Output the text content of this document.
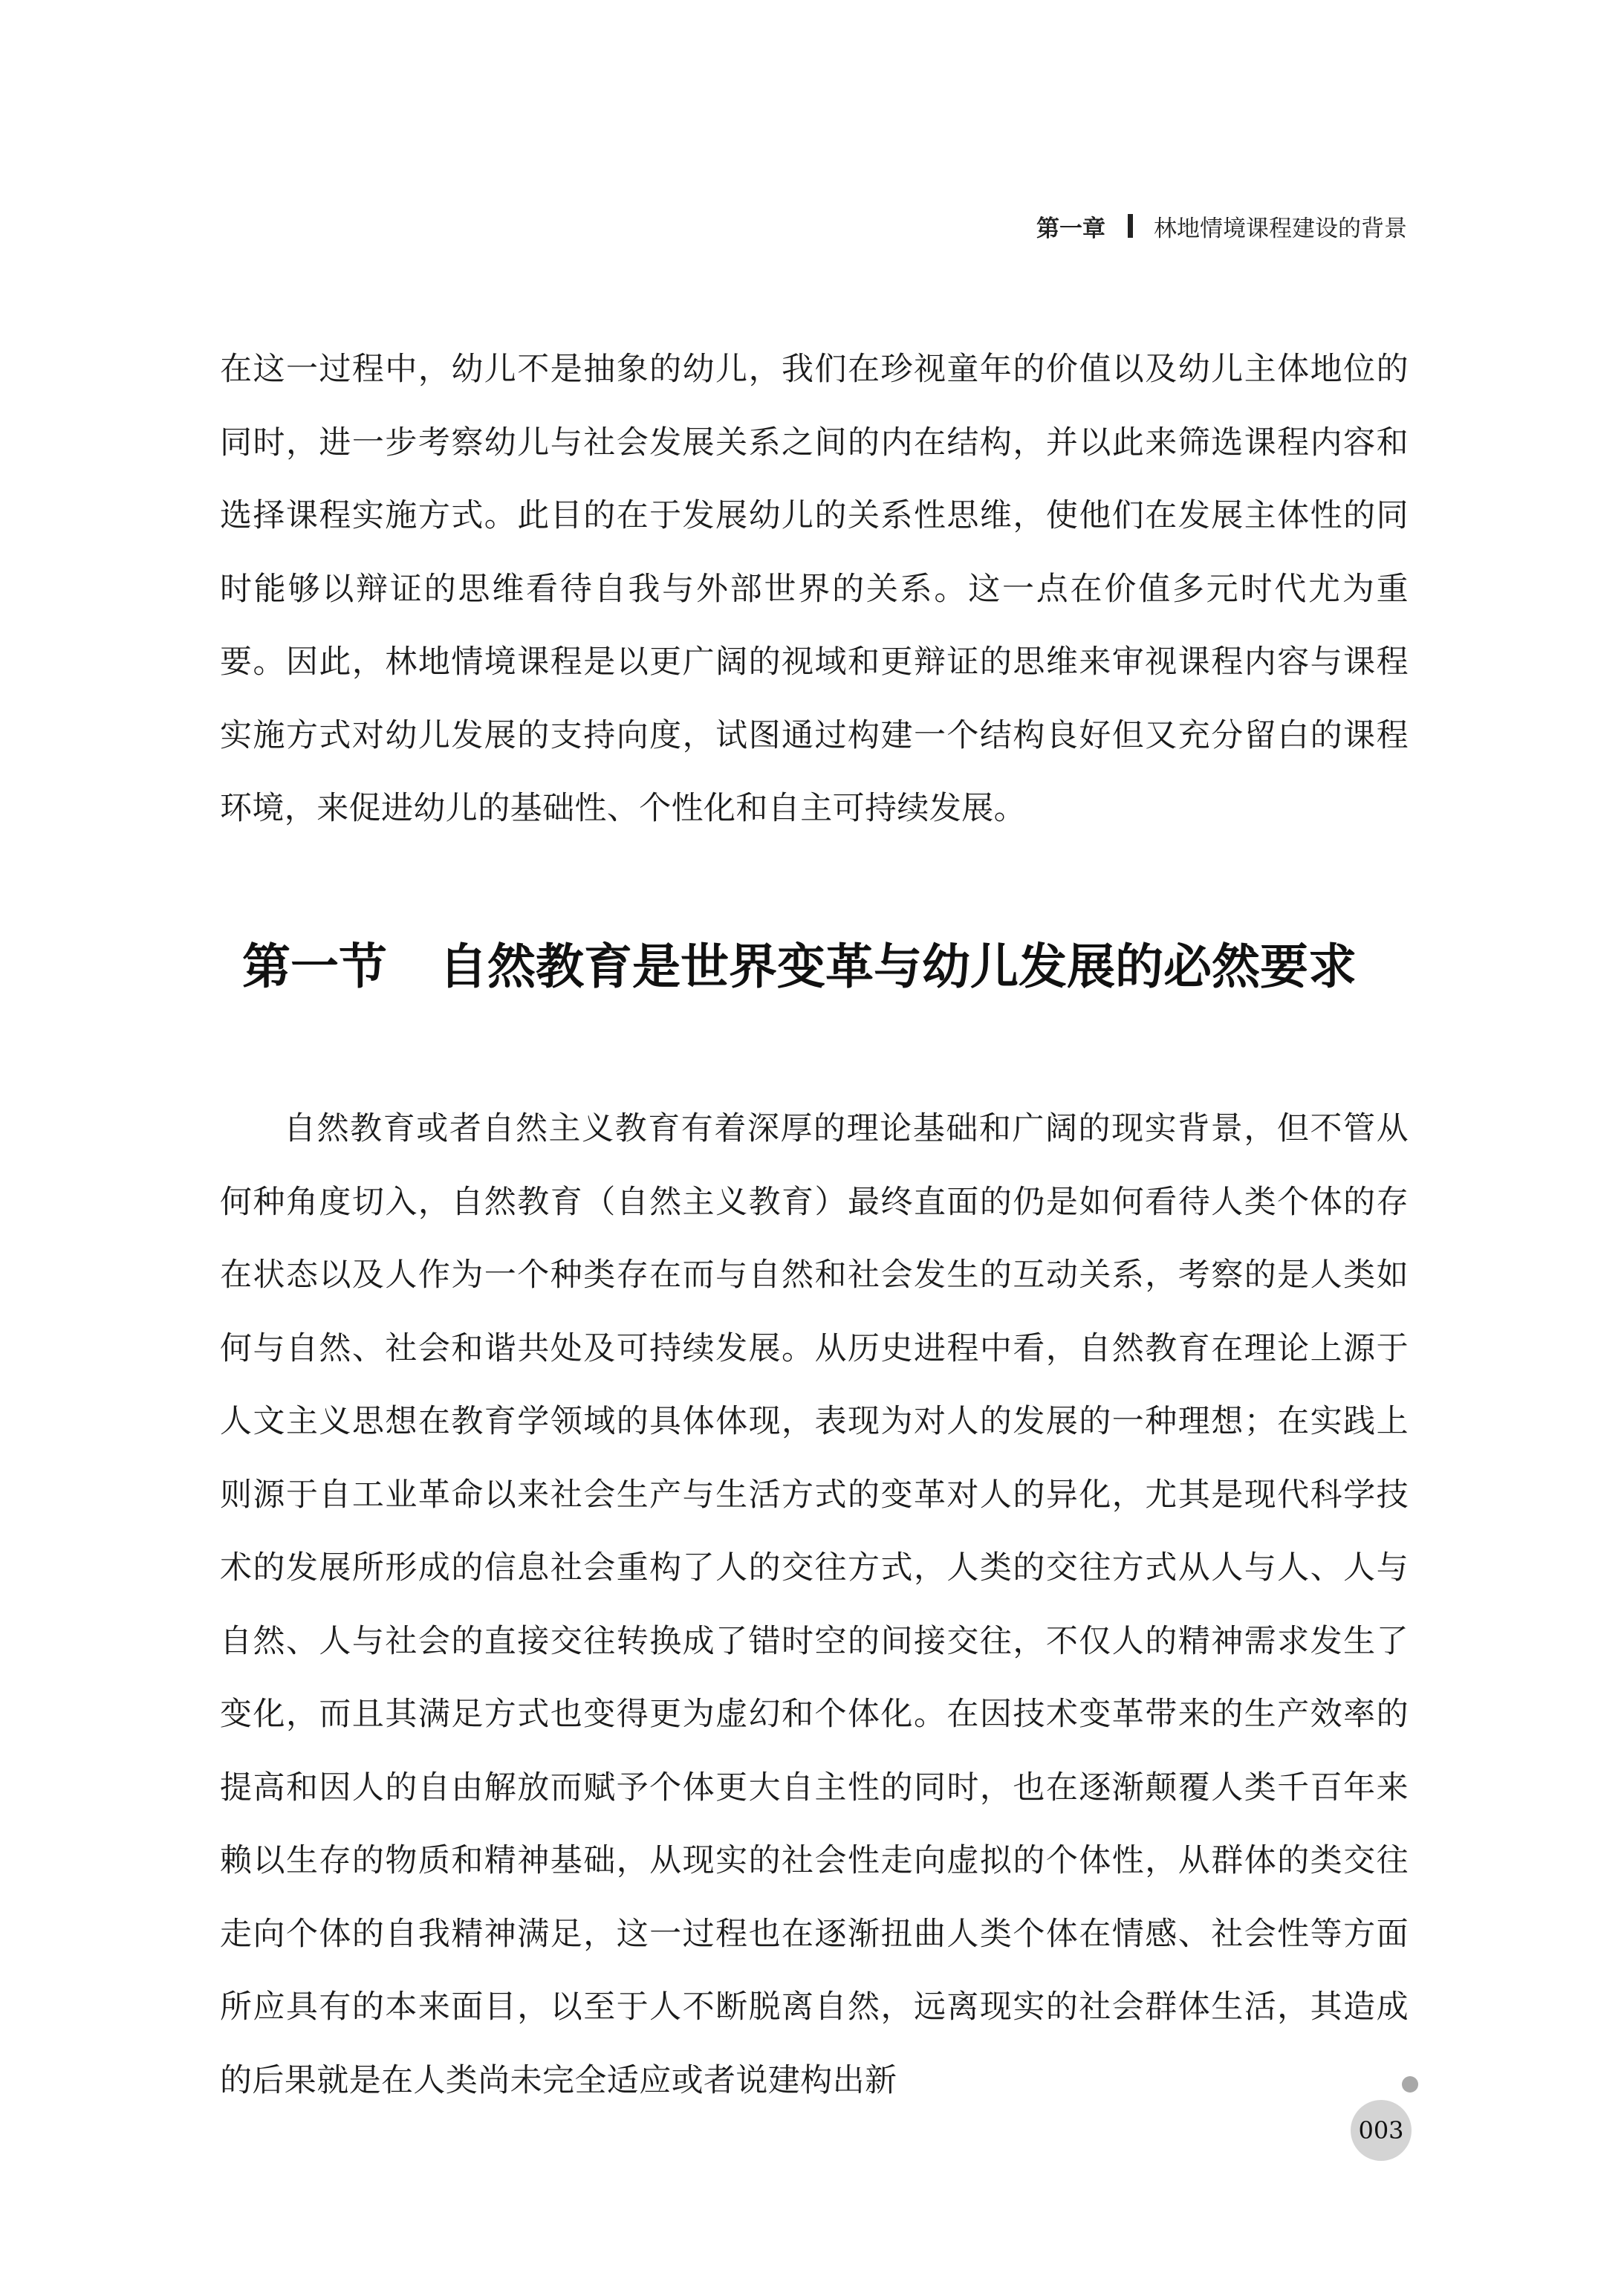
第一章 林地情境课程建设的背景

在这一过程中，幼儿不是抽象的幼儿，我们在珍视童年的价值以及幼儿主体地位的同时，进一步考察幼儿与社会发展关系之间的内在结构，并以此来筛选课程内容和选择课程实施方式。此目的在于发展幼儿的关系性思维，使他们在发展主体性的同时能够以辩证的思维看待自我与外部世界的关系。这一点在价值多元时代尤为重要。因此，林地情境课程是以更广阔的视域和更辩证的思维来审视课程内容与课程实施方式对幼儿发展的支持向度，试图通过构建一个结构良好但又充分留白的课程环境，来促进幼儿的基础性、个性化和自主可持续发展。

第一节 自然教育是世界变革与幼儿发展的必然要求

自然教育或者自然主义教育有着深厚的理论基础和广阔的现实背景，但不管从何种角度切入，自然教育（自然主义教育）最终直面的仍是如何看待人类个体的存在状态以及人作为一个种类存在而与自然和社会发生的互动关系，考察的是人类如何与自然、社会和谐共处及可持续发展。从历史进程中看，自然教育在理论上源于人文主义思想在教育学领域的具体体现，表现为对人的发展的一种理想；在实践上则源于自工业革命以来社会生产与生活方式的变革对人的异化，尤其是现代科学技术的发展所形成的信息社会重构了人的交往方式，人类的交往方式从人与人、人与自然、人与社会的直接交往转换成了错时空的间接交往，不仅人的精神需求发生了变化，而且其满足方式也变得更为虚幻和个体化。在因技术变革带来的生产效率的提高和因人的自由解放而赋予个体更大自主性的同时，也在逐渐颠覆人类千百年来赖以生存的物质和精神基础，从现实的社会性走向虚拟的个体性，从群体的类交往走向个体的自我精神满足，这一过程也在逐渐扭曲人类个体在情感、社会性等方面所应具有的本来面目，以至于人不断脱离自然，远离现实的社会群体生活，其造成的后果就是在人类尚未完全适应或者说建构出新

003
